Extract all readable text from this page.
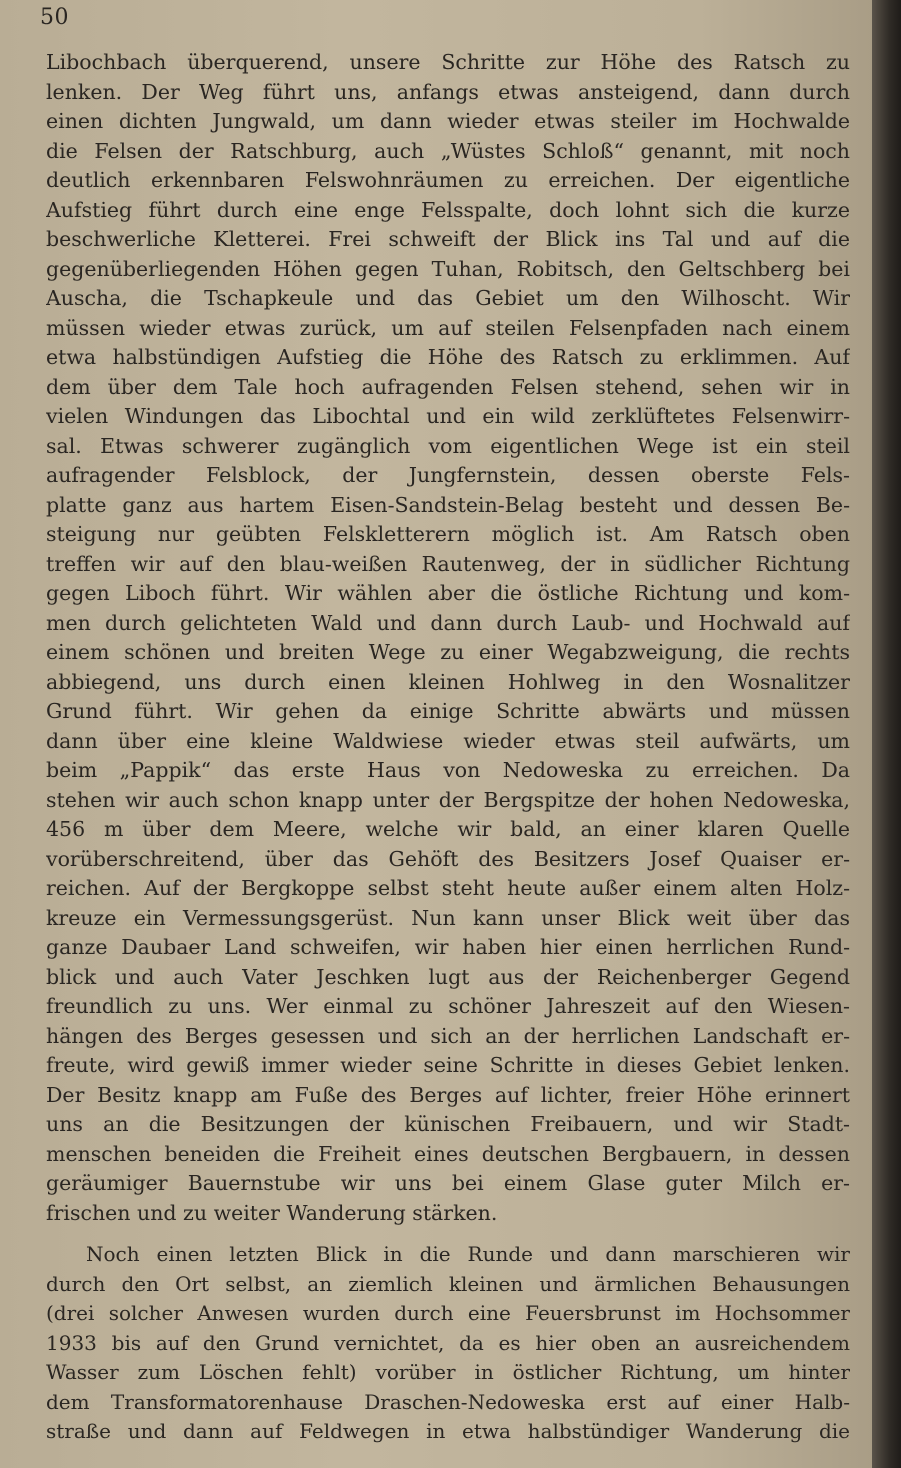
50
Libochbach überquerend, unsere Schritte zur Höhe des Ratsch zu
lenken. Der Weg führt uns, anfangs etwas ansteigend, dann durch
einen dichten Jungwald, um dann wieder etwas steiler im Hochwalde
die Felsen der Ratschburg, auch „Wüstes Schloß“ genannt, mit noch
deutlich erkennbaren Felswohnräumen zu erreichen. Der eigentliche
Aufstieg führt durch eine enge Felsspalte, doch lohnt sich die kurze
beschwerliche Kletterei. Frei schweift der Blick ins Tal und auf die
gegenüberliegenden Höhen gegen Tuhan, Robitsch, den Geltschberg bei
Auscha, die Tschapkeule und das Gebiet um den Wilhoscht. Wir
müssen wieder etwas zurück, um auf steilen Felsenpfaden nach einem
etwa halbstündigen Aufstieg die Höhe des Ratsch zu erklimmen. Auf
dem über dem Tale hoch aufragenden Felsen stehend, sehen wir in
vielen Windungen das Libochtal und ein wild zerklüftetes Felsenwirr-
sal. Etwas schwerer zugänglich vom eigentlichen Wege ist ein steil
aufragender Felsblock, der Jungfernstein, dessen oberste Fels-
platte ganz aus hartem Eisen-Sandstein-Belag besteht und dessen Be-
steigung nur geübten Felskletterern möglich ist. Am Ratsch oben
treffen wir auf den blau-weißen Rautenweg, der in südlicher Richtung
gegen Liboch führt. Wir wählen aber die östliche Richtung und kom-
men durch gelichteten Wald und dann durch Laub- und Hochwald auf
einem schönen und breiten Wege zu einer Wegabzweigung, die rechts
abbiegend, uns durch einen kleinen Hohlweg in den Wosnalitzer
Grund führt. Wir gehen da einige Schritte abwärts und müssen
dann über eine kleine Waldwiese wieder etwas steil aufwärts, um
beim „Pappik“ das erste Haus von Nedoweska zu erreichen. Da
stehen wir auch schon knapp unter der Bergspitze der hohen Nedoweska,
456 m über dem Meere, welche wir bald, an einer klaren Quelle
vorüberschreitend, über das Gehöft des Besitzers Josef Quaiser er-
reichen. Auf der Bergkoppe selbst steht heute außer einem alten Holz-
kreuze ein Vermessungsgerüst. Nun kann unser Blick weit über das
ganze Daubaer Land schweifen, wir haben hier einen herrlichen Rund-
blick und auch Vater Jeschken lugt aus der Reichenberger Gegend
freundlich zu uns. Wer einmal zu schöner Jahreszeit auf den Wiesen-
hängen des Berges gesessen und sich an der herrlichen Landschaft er-
freute, wird gewiß immer wieder seine Schritte in dieses Gebiet lenken.
Der Besitz knapp am Fuße des Berges auf lichter, freier Höhe erinnert
uns an die Besitzungen der künischen Freibauern, und wir Stadt-
menschen beneiden die Freiheit eines deutschen Bergbauern, in dessen
geräumiger Bauernstube wir uns bei einem Glase guter Milch er-
frischen und zu weiter Wanderung stärken.
Noch einen letzten Blick in die Runde und dann marschieren wir
durch den Ort selbst, an ziemlich kleinen und ärmlichen Behausungen
(drei solcher Anwesen wurden durch eine Feuersbrunst im Hochsommer
1933 bis auf den Grund vernichtet, da es hier oben an ausreichendem
Wasser zum Löschen fehlt) vorüber in östlicher Richtung, um hinter
dem Transformatorenhause Draschen-Nedoweska erst auf einer Halb-
straße und dann auf Feldwegen in etwa halbstündiger Wanderung die
